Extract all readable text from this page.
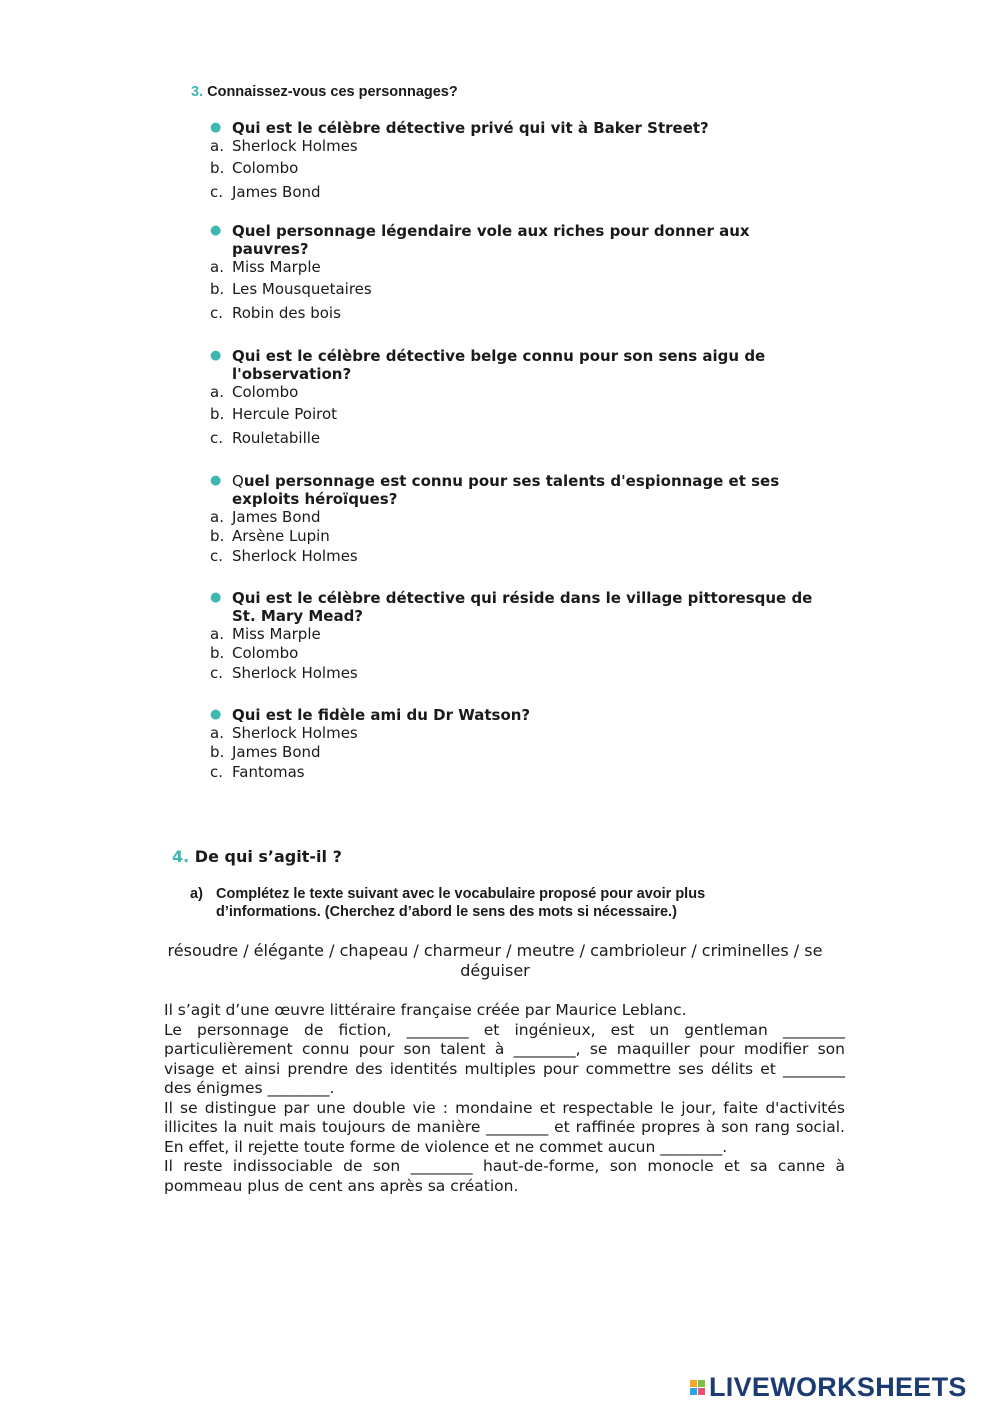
3. Connaissez-vous ces personnages?
● Qui est le célèbre détective privé qui vit à Baker Street?
a. Sherlock Holmes
b. Colombo
c. James Bond
● Quel personnage légendaire vole aux riches pour donner aux pauvres?
a. Miss Marple
b. Les Mousquetaires
c. Robin des bois
● Qui est le célèbre détective belge connu pour son sens aigu de l'observation?
a. Colombo
b. Hercule Poirot
c. Rouletabille
● Quel personnage est connu pour ses talents d'espionnage et ses exploits héroïques?
a. James Bond
b. Arsène Lupin
c. Sherlock Holmes
● Qui est le célèbre détective qui réside dans le village pittoresque de St. Mary Mead?
a. Miss Marple
b. Colombo
c. Sherlock Holmes
● Qui est le fidèle ami du Dr Watson?
a. Sherlock Holmes
b. James Bond
c. Fantomas
4. De qui s’agit-il ?
a) Complétez le texte suivant avec le vocabulaire proposé pour avoir plus d’informations. (Cherchez d’abord le sens des mots si nécessaire.)
résoudre / élégante / chapeau / charmeur / meutre / cambrioleur / criminelles / se déguiser

Il s’agit d’une œuvre littéraire française créée par Maurice Leblanc.

Le personnage de fiction, ________ et ingénieux, est un gentleman ________ particulièrement connu pour son talent à ________, se maquiller pour modifier son visage et ainsi prendre des identités multiples pour commettre ses délits et ________ des énigmes ________.

Il se distingue par une double vie : mondaine et respectable le jour, faite d'activités illicites la nuit mais toujours de manière ________ et raffinée propres à son rang social. En effet, il rejette toute forme de violence et ne commet aucun ________.

Il reste indissociable de son ________ haut-de-forme, son monocle et sa canne à pommeau plus de cent ans après sa création.

LIVEWORKSHEETS
